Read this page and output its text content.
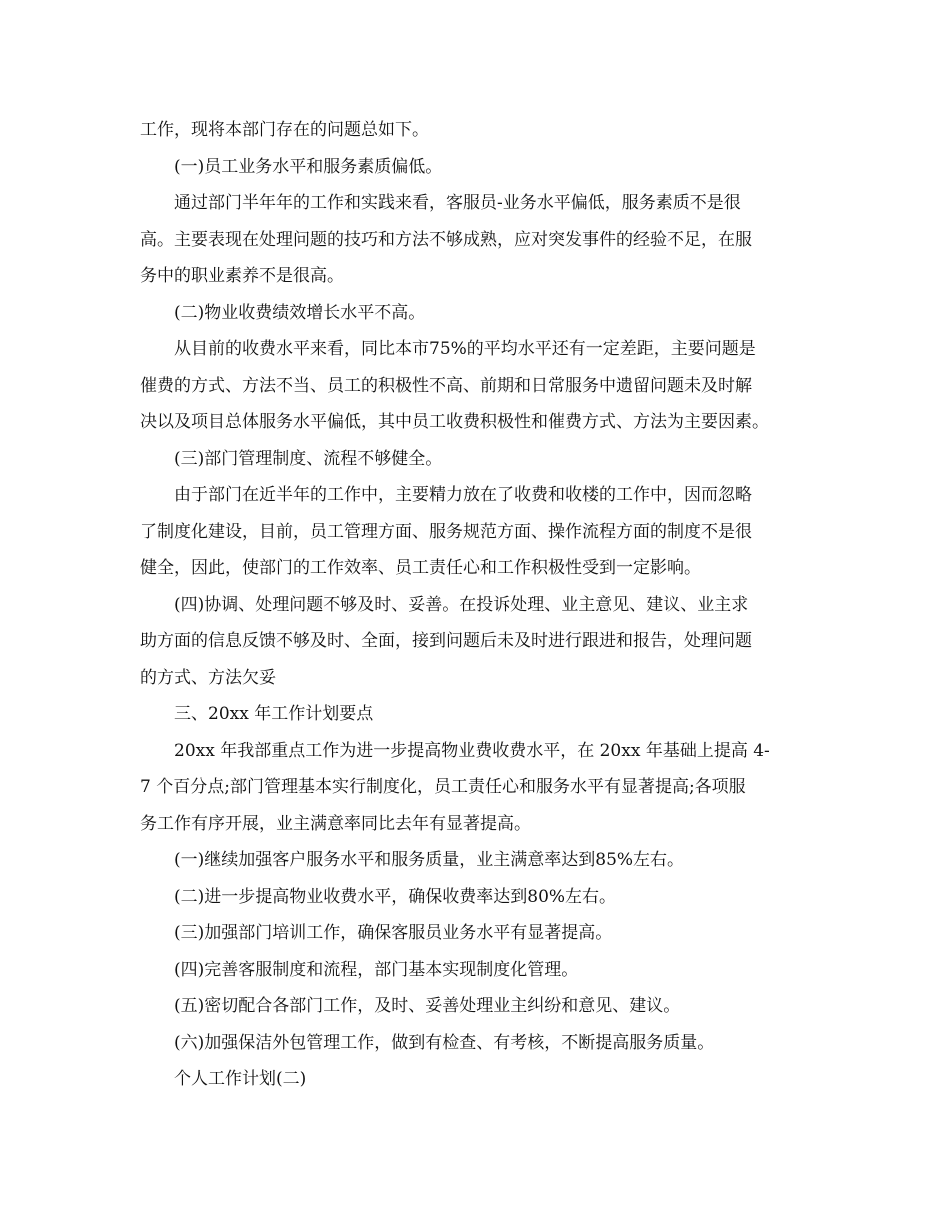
工作，现将本部门存在的问题总如下。

(一)员工业务水平和服务素质偏低。

通过部门半年年的工作和实践来看，客服员-业务水平偏低，服务素质不是很

高。主要表现在处理问题的技巧和方法不够成熟，应对突发事件的经验不足，在服

务中的职业素养不是很高。

(二)物业收费绩效增长水平不高。

从目前的收费水平来看，同比本市75%的平均水平还有一定差距，主要问题是

催费的方式、方法不当、员工的积极性不高、前期和日常服务中遗留问题未及时解

决以及项目总体服务水平偏低，其中员工收费积极性和催费方式、方法为主要因素。

(三)部门管理制度、流程不够健全。

由于部门在近半年的工作中，主要精力放在了收费和收楼的工作中，因而忽略

了制度化建设，目前，员工管理方面、服务规范方面、操作流程方面的制度不是很

健全，因此，使部门的工作效率、员工责任心和工作积极性受到一定影响。

(四)协调、处理问题不够及时、妥善。在投诉处理、业主意见、建议、业主求

助方面的信息反馈不够及时、全面，接到问题后未及时进行跟进和报告，处理问题

的方式、方法欠妥

三、20xx 年工作计划要点

20xx 年我部重点工作为进一步提高物业费收费水平，在 20xx 年基础上提高 4-

7 个百分点;部门管理基本实行制度化，员工责任心和服务水平有显著提高;各项服

务工作有序开展，业主满意率同比去年有显著提高。

(一)继续加强客户服务水平和服务质量，业主满意率达到85%左右。

(二)进一步提高物业收费水平，确保收费率达到80%左右。

(三)加强部门培训工作，确保客服员业务水平有显著提高。

(四)完善客服制度和流程，部门基本实现制度化管理。

(五)密切配合各部门工作，及时、妥善处理业主纠纷和意见、建议。

(六)加强保洁外包管理工作，做到有检查、有考核，不断提高服务质量。

个人工作计划(二)
